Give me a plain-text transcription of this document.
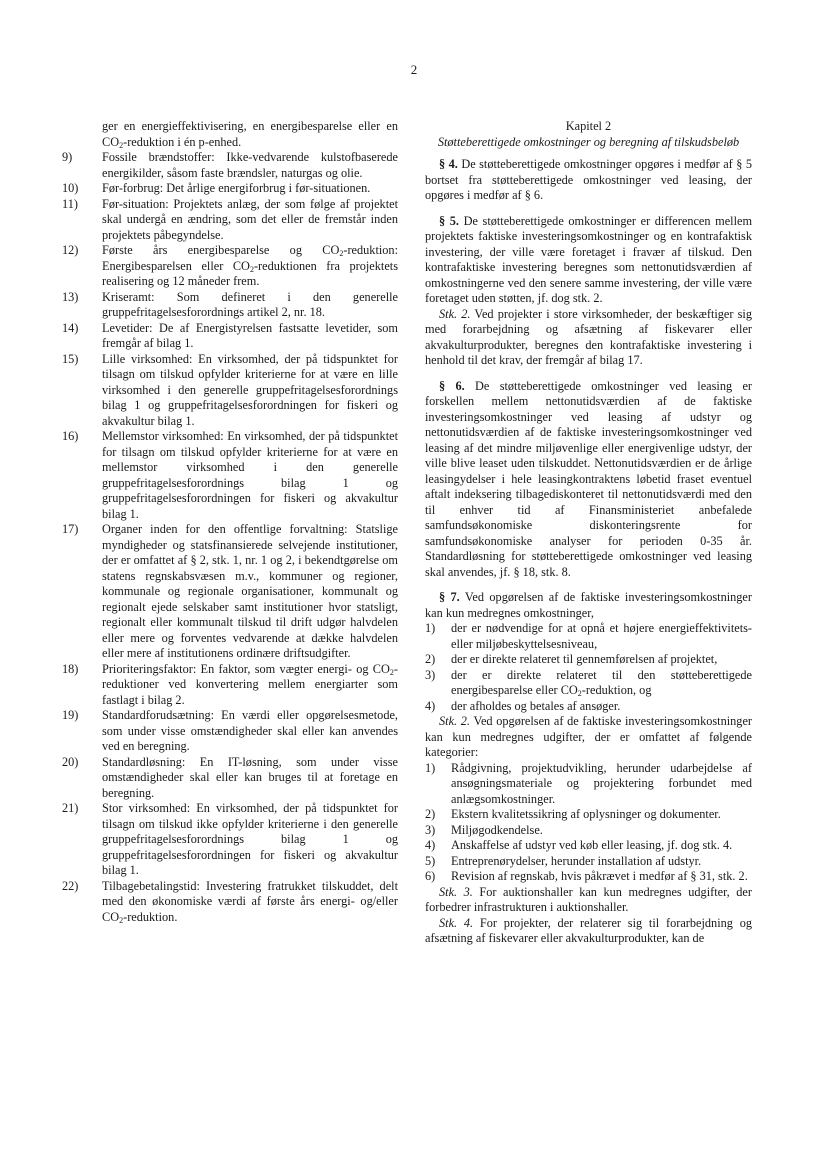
2
ger en energieffektivisering, en energibesparelse eller en $CO_2$-reduktion i én p-enhed.
9)	Fossile brændstoffer: Ikke-vedvarende kulstofbaserede energikilder, såsom faste brændsler, naturgas og olie.
10)	Før-forbrug: Det årlige energiforbrug i før-situationen.
11)	Før-situation: Projektets anlæg, der som følge af projektet skal undergå en ændring, som det eller de fremstår inden projektets påbegyndelse.
12)	Første års energibesparelse og $CO_2$-reduktion: Energibesparelsen eller $CO_2$-reduktionen fra projektets realisering og 12 måneder frem.
13)	Kriseramt: Som defineret i den generelle gruppefritagelsesforordnings artikel 2, nr. 18.
14)	Levetider: De af Energistyrelsen fastsatte levetider, som fremgår af bilag 1.
15)	Lille virksomhed: En virksomhed, der på tidspunktet for tilsagn om tilskud opfylder kriterierne for at være en lille virksomhed i den generelle gruppefritagelsesforordnings bilag 1 og gruppefritagelsesforordningen for fiskeri og akvakultur bilag 1.
16)	Mellemstor virksomhed: En virksomhed, der på tidspunktet for tilsagn om tilskud opfylder kriterierne for at være en mellemstor virksomhed i den generelle gruppefritagelsesforordnings bilag 1 og gruppefritagelsesforordningen for fiskeri og akvakultur bilag 1.
17)	Organer inden for den offentlige forvaltning: Statslige myndigheder og statsfinansierede selvejende institutioner, der er omfattet af § 2, stk. 1, nr. 1 og 2, i bekendtgørelse om statens regnskabsvæsen m.v., kommuner og regioner, kommunale og regionale organisationer, kommunalt og regionalt ejede selskaber samt institutioner hvor statsligt, regionalt eller kommunalt tilskud til drift udgør halvdelen eller mere og forventes vedvarende at dække halvdelen eller mere af institutionens ordinære driftsudgifter.
18)	Prioriteringsfaktor: En faktor, som vægter energi- og $CO_2$-reduktioner ved konvertering mellem energiarter som fastlagt i bilag 2.
19)	Standardforudsætning: En værdi eller opgørelsesmetode, som under visse omstændigheder skal eller kan anvendes ved en beregning.
20)	Standardløsning: En IT-løsning, som under visse omstændigheder skal eller kan bruges til at foretage en beregning.
21)	Stor virksomhed: En virksomhed, der på tidspunktet for tilsagn om tilskud ikke opfylder kriterierne i den generelle gruppefritagelsesforordnings bilag 1 og gruppefritagelsesforordningen for fiskeri og akvakultur bilag 1.
22)	Tilbagebetalingstid: Investering fratrukket tilskuddet, delt med den økonomiske værdi af første års energi- og/eller $CO_2$-reduktion.

Kapitel 2

Støtteberettigede omkostninger og beregning af tilskudsbeløb

§ 4. De støtteberettigede omkostninger opgøres i medfør af § 5 bortset fra støtteberettigede omkostninger ved leasing, der opgøres i medfør af § 6.

§ 5. De støtteberettigede omkostninger er differencen mellem projektets faktiske investeringsomkostninger og en kontrafaktisk investering, der ville være foretaget i fravær af tilskud. Den kontrafaktiske investering beregnes som nettonutidsværdien af omkostningerne ved den senere samme investering, der ville være foretaget uden støtten, jf. dog stk. 2.

Stk. 2. Ved projekter i store virksomheder, der beskæftiger sig med forarbejdning og afsætning af fiskevarer eller akvakulturprodukter, beregnes den kontrafaktiske investering i henhold til det krav, der fremgår af bilag 17.

§ 6. De støtteberettigede omkostninger ved leasing er forskellen mellem nettonutidsværdien af de faktiske investeringsomkostninger ved leasing af udstyr og nettonutidsværdien af de faktiske investeringsomkostninger ved leasing af det mindre miljøvenlige eller energivenlige udstyr, der ville blive leaset uden tilskuddet. Nettonutidsværdien er de årlige leasingydelser i hele leasingkontraktens løbetid fraset eventuel aftalt indeksering tilbagediskonteret til nettonutidsværdi med den til enhver tid af Finansministeriet anbefalede samfundsøkonomiske diskonteringsrente for samfundsøkonomiske analyser for perioden 0-35 år. Standardløsning for støtteberettigede omkostninger ved leasing skal anvendes, jf. § 18, stk. 8.

§ 7. Ved opgørelsen af de faktiske investeringsomkostninger kan kun medregnes omkostninger,

1)	der er nødvendige for at opnå et højere energieffektivitets- eller miljøbeskyttelsesniveau,
2)	der er direkte relateret til gennemførelsen af projektet,
3)	der er direkte relateret til den støtteberettigede energibesparelse eller $CO_2$-reduktion, og
4)	der afholdes og betales af ansøger.

Stk. 2. Ved opgørelsen af de faktiske investeringsomkostninger kan kun medregnes udgifter, der er omfattet af følgende kategorier:

1)	Rådgivning, projektudvikling, herunder udarbejdelse af ansøgningsmateriale og projektering forbundet med anlægsomkostninger.
2)	Ekstern kvalitetssikring af oplysninger og dokumenter.
3)	Miljøgodkendelse.
4)	Anskaffelse af udstyr ved køb eller leasing, jf. dog stk. 4.
5)	Entreprenørydelser, herunder installation af udstyr.
6)	Revision af regnskab, hvis påkrævet i medfør af § 31, stk. 2.

Stk. 3. For auktionshaller kan kun medregnes udgifter, der forbedrer infrastrukturen i auktionshaller.

Stk. 4. For projekter, der relaterer sig til forarbejdning og afsætning af fiskevarer eller akvakulturprodukter, kan de
